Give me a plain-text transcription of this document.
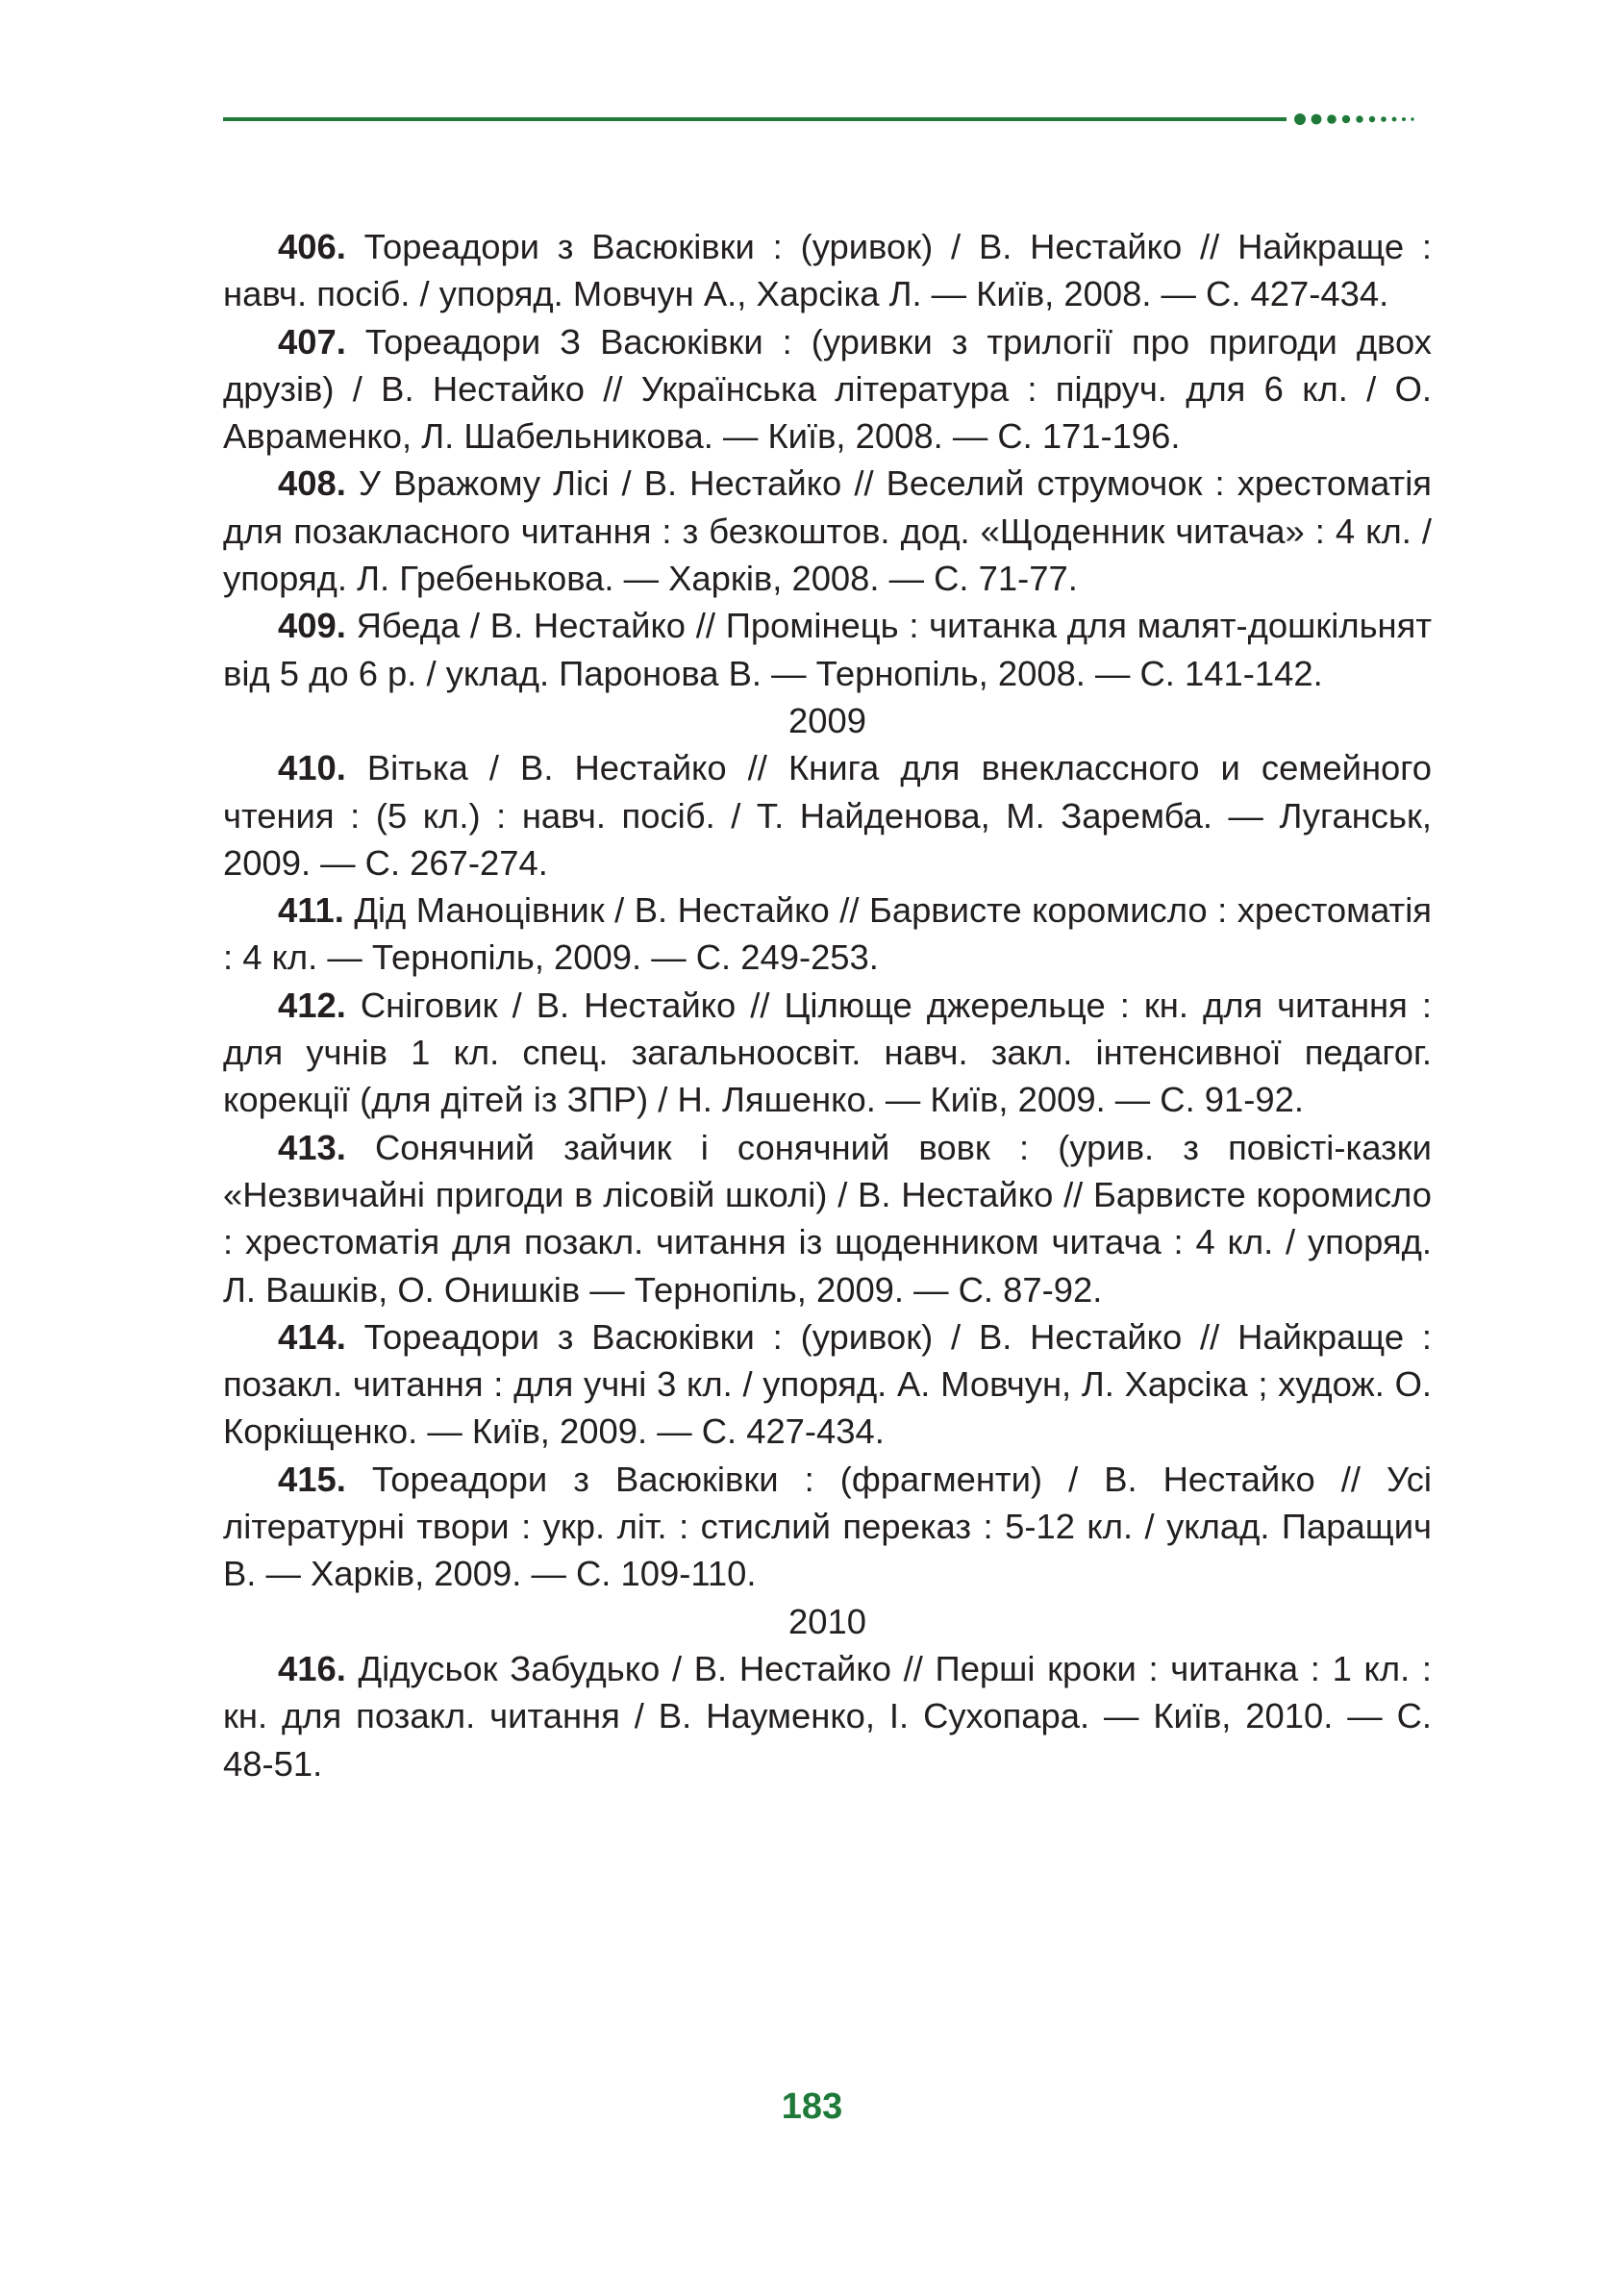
406. Тореадори з Васюківки : (уривок) / В. Нестайко // Найкраще : навч. посіб. / упоряд. Мовчун А., Харсіка Л. — Київ, 2008. — С. 427-434.

407. Тореадори З Васюківки : (уривки з трилогії про пригоди двох друзів) / В. Нестайко // Українська література : підруч. для 6 кл. / О. Авраменко, Л. Шабельникова. — Київ, 2008. — С. 171-196.

408. У Вражому Лісі / В. Нестайко // Веселий струмочок : хрестоматія для позакласного читання : з безкоштов. дод. «Щоденник читача» : 4 кл. / упоряд. Л. Гребенькова. — Харків, 2008. — С. 71-77.

409. Ябеда / В. Нестайко // Промінець : читанка для малят-дошкільнят від 5 до 6 р. / уклад. Паронова В. — Тернопіль, 2008. — С. 141-142.

2009

410. Вітька / В. Нестайко // Книга для внеклассного и семейного чтения : (5 кл.) : навч. посіб. / Т. Найденова, М. Заремба. — Луганськ, 2009. — С. 267-274.

411. Дід Маноцівник / В. Нестайко // Барвисте коромисло : хрестоматія : 4 кл. — Тернопіль, 2009. — С. 249-253.

412. Сніговик / В. Нестайко // Цілюще джерельце : кн. для читання : для учнів 1 кл. спец. загальноосвіт. навч. закл. інтенсивної педагог. корекції (для дітей із ЗПР) / Н. Ляшенко. — Київ, 2009. — С. 91-92.

413. Сонячний зайчик і сонячний вовк : (урив. з повісті-казки «Незвичайні пригоди в лісовій школі) / В. Нестайко // Барвисте коромисло : хрестоматія для позакл. читання із щоденником читача : 4 кл. / упоряд. Л. Вашків, О. Онишків — Тернопіль, 2009. — С. 87-92.

414. Тореадори з Васюківки : (уривок) / В. Нестайко // Найкраще : позакл. читання : для учні 3 кл. / упоряд. А. Мовчун, Л. Харсіка ; худож. О. Коркіщенко. — Київ, 2009. — С. 427-434.

415. Тореадори з Васюківки : (фрагменти) / В. Нестайко // Усі літературні твори : укр. літ. : стислий переказ : 5-12 кл. / уклад. Паращич В. — Харків, 2009. — С. 109-110.

2010

416. Дідусьок Забудько / В. Нестайко // Перші кроки : читанка : 1 кл. : кн. для позакл. читання / В. Науменко, І. Сухопара. — Київ, 2010. — С. 48-51.

183
